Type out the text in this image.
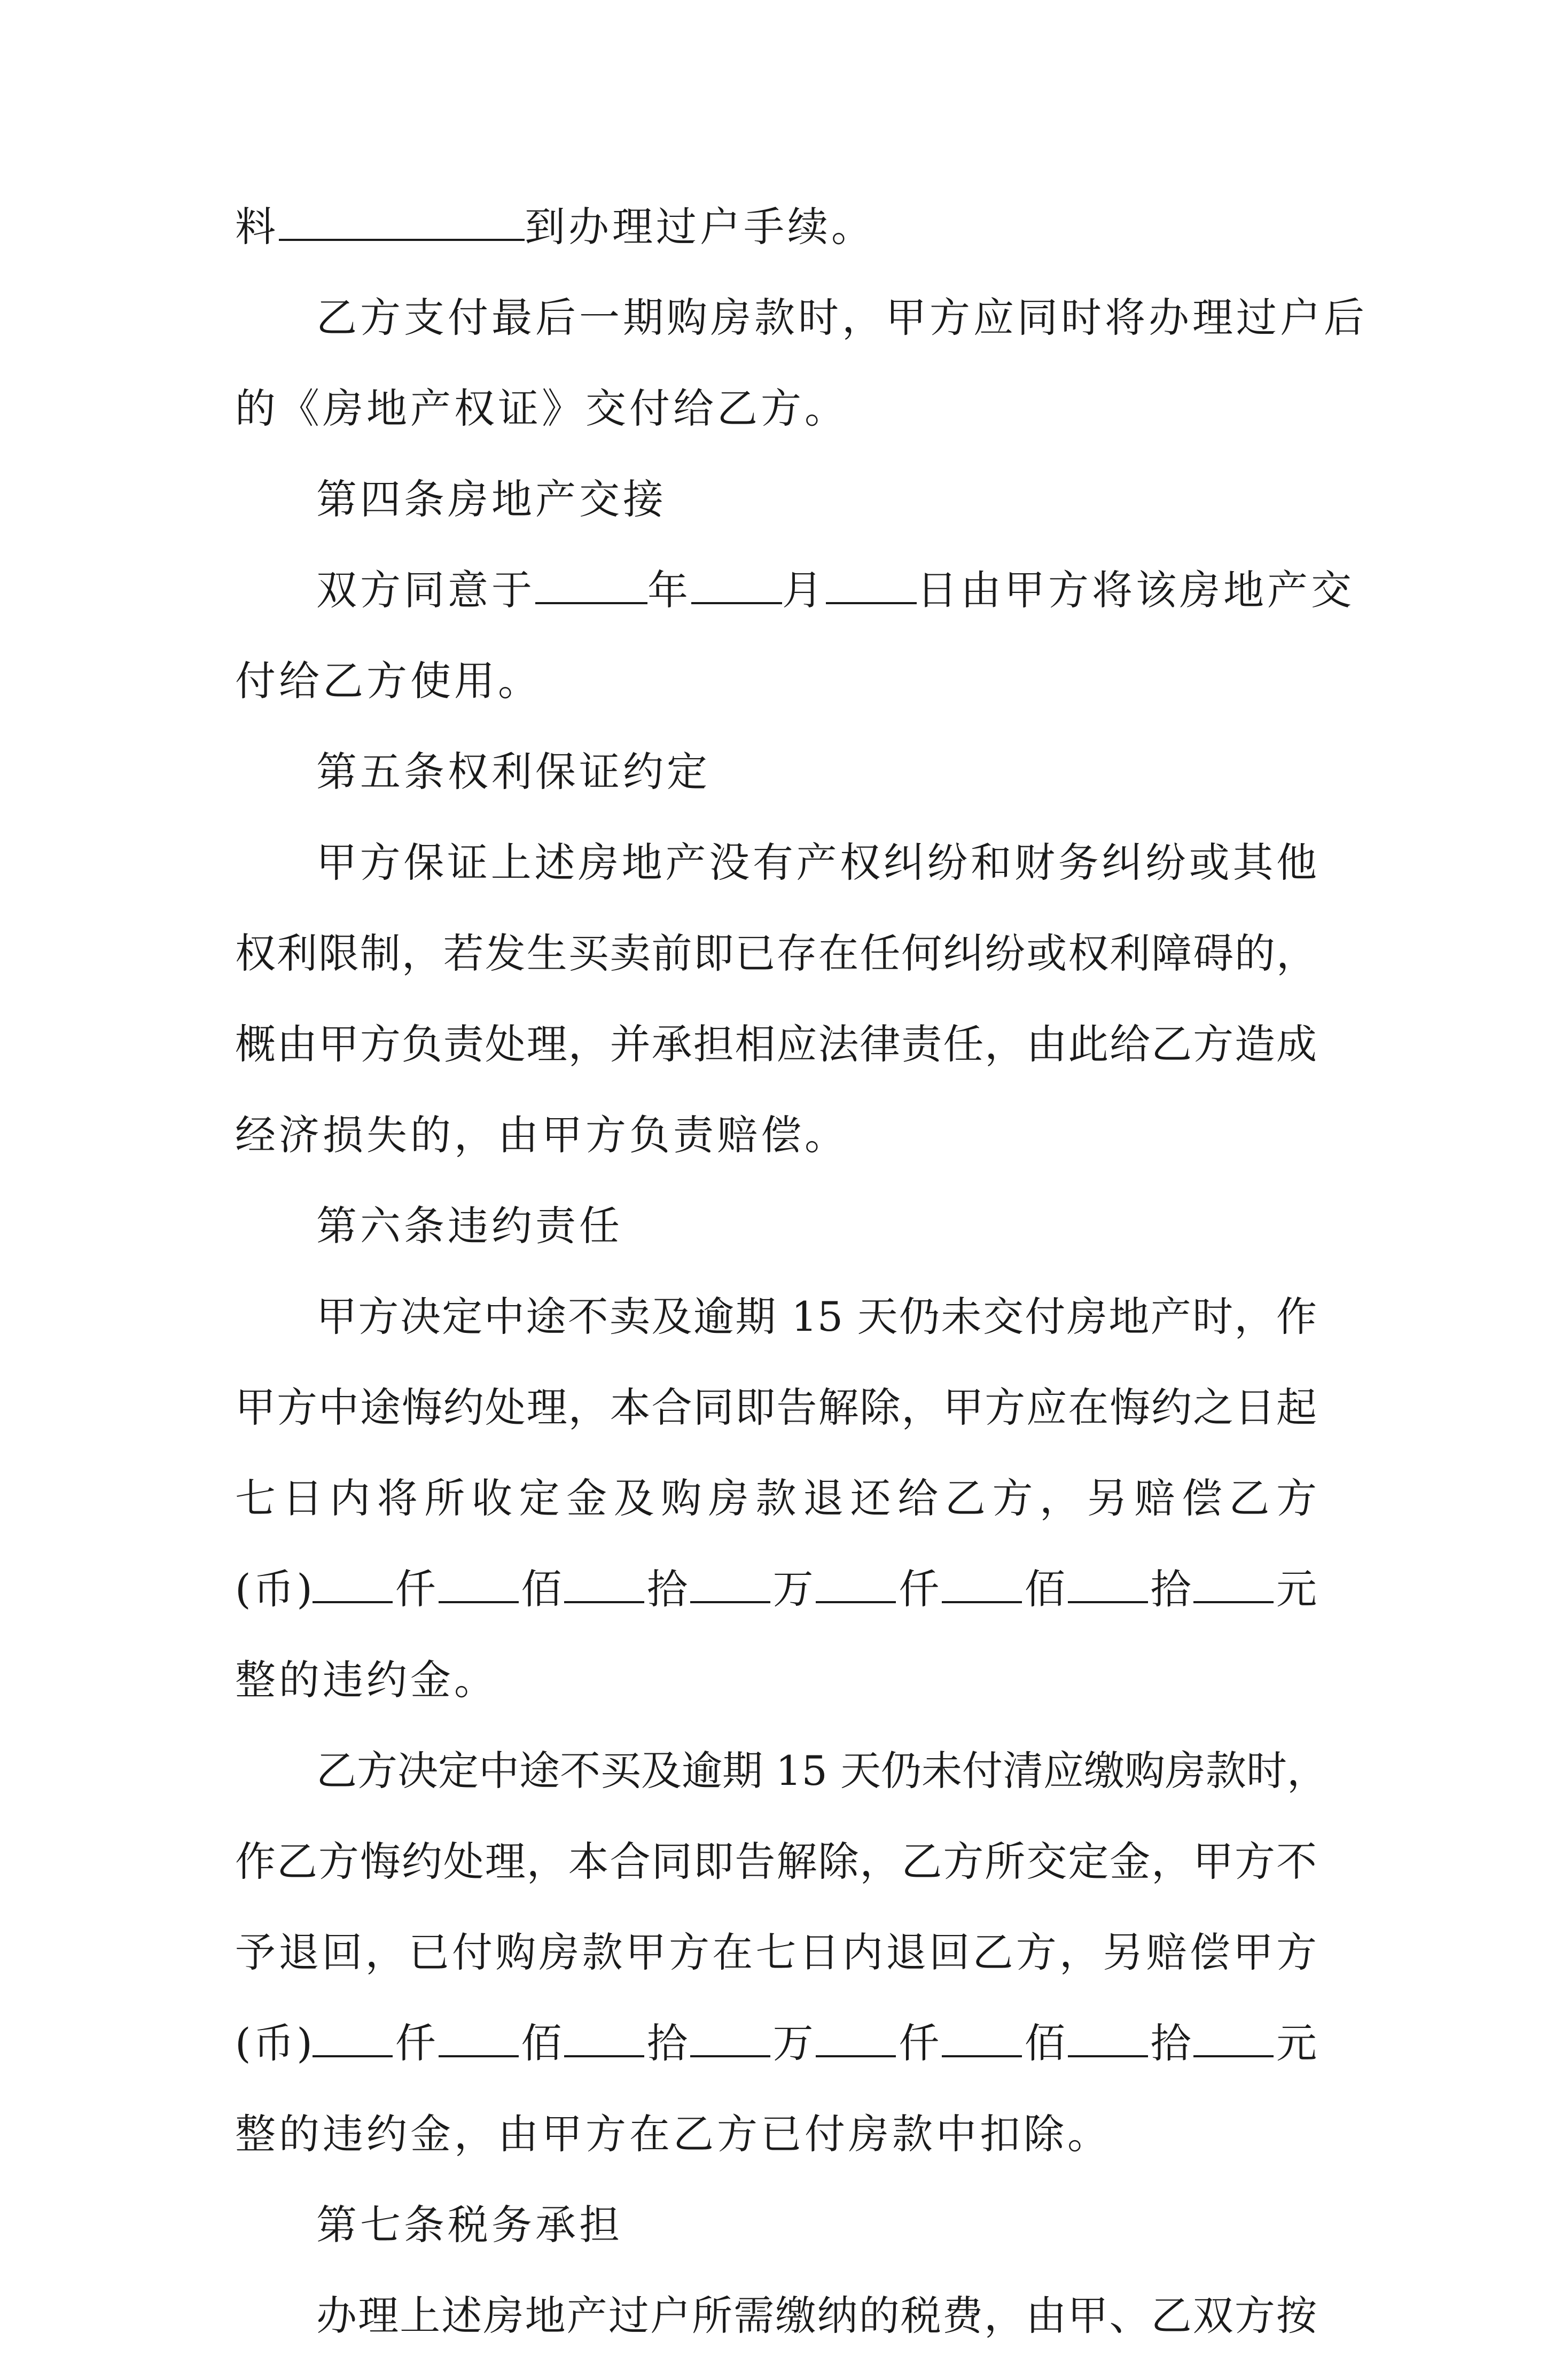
料	到办理过户手续。
乙方支付最后一期购房款时，甲方应同时将办理过户后
的《房地产权证》交付给乙方。
第四条房地产交接
双方同意于	年 月 日由甲方将该房地产交
付给乙方使用。
第五条权利保证约定
甲方保证上述房地产没有产权纠纷和财务纠纷或其他
权利限制，若发生买卖前即已存在任何纠纷或权利障碍的，
概由甲方负责处理，并承担相应法律责任，由此给乙方造成
经济损失的，由甲方负责赔偿。
第六条违约责任
甲方决定中途不卖及逾期 15 天仍未交付房地产时，作
甲方中途悔约处理，本合同即告解除，甲方应在悔约之日起
七日内将所收定金及购房款退还给乙方，另赔偿乙方
(币) 仟 佰 拾 万 仟 佰 拾 元
整的违约金。
乙方决定中途不买及逾期 15 天仍未付清应缴购房款时，
作乙方悔约处理，本合同即告解除，乙方所交定金，甲方不
予退回，已付购房款甲方在七日内退回乙方，另赔偿甲方
(币) 仟 佰 拾 万 仟 佰 拾 元
整的违约金，由甲方在乙方已付房款中扣除。
第七条税务承担
办理上述房地产过户所需缴纳的税费，由甲、乙双方按
